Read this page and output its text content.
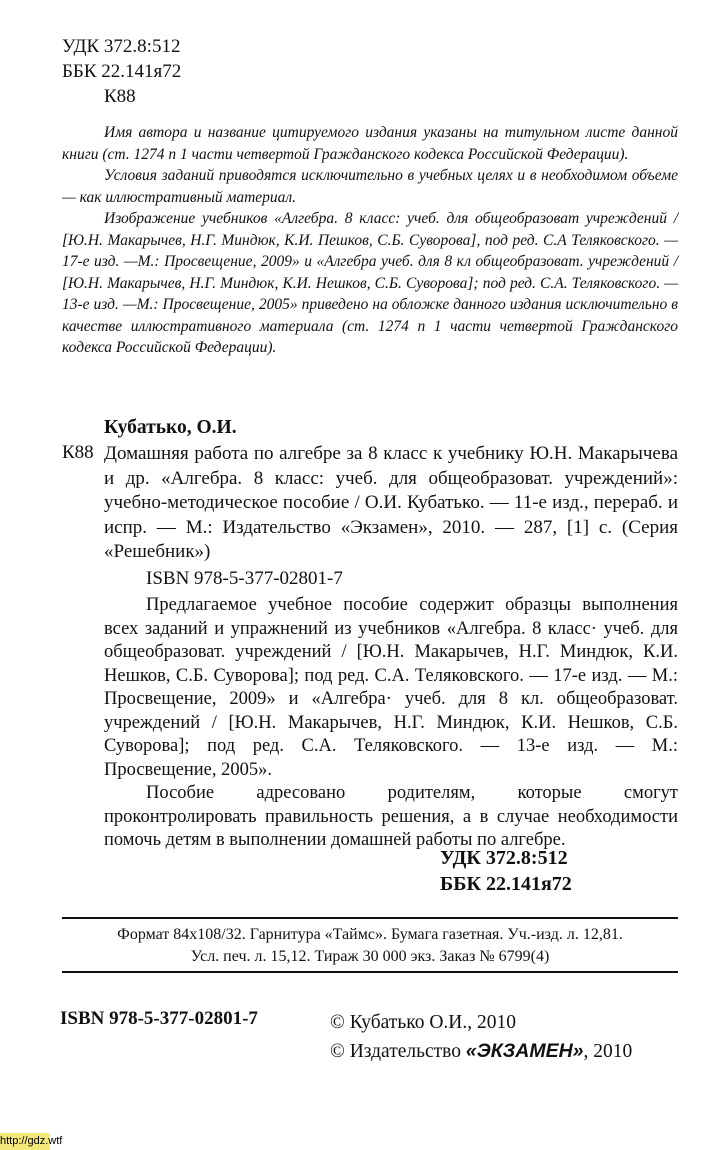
УДК 372.8:512
ББК 22.141я72
К88

Имя автора и название цитируемого издания указаны на титульном листе данной книги (ст. 1274 п 1 части четвертой Гражданского кодекса Российской Федерации).

Условия заданий приводятся исключительно в учебных целях и в необходимом объеме — как иллюстративный материал.

Изображение учебников «Алгебра. 8 класс: учеб. для общеобразоват учреждений / [Ю.Н. Макарычев, Н.Г. Миндюк, К.И. Пешков, С.Б. Суворова], под ред. С.А Теляковского. — 17-е изд. —М.: Просвещение, 2009» и «Алгебра учеб. для 8 кл общеобразоват. учреждений / [Ю.Н. Макарычев, Н.Г. Миндюк, К.И. Нешков, С.Б. Суворова]; под ред. С.А. Теляковского. — 13-е изд. —М.: Просвещение, 2005» приведено на обложке данного издания исключительно в качестве иллюстративного материала (ст. 1274 п 1 части четвертой Гражданского кодекса Российской Федерации).

Кубатько, О.И.
К88 Домашняя работа по алгебре за 8 класс к учебнику Ю.Н. Макарычева и др. «Алгебра. 8 класс: учеб. для общеобразоват. учреждений»: учебно-методическое пособие / О.И. Кубатько. — 11-е изд., перераб. и испр. — М.: Издательство «Экзамен», 2010. — 287, [1] с. (Серия «Решебник»)
ISBN 978-5-377-02801-7

Предлагаемое учебное пособие содержит образцы выполнения всех заданий и упражнений из учебников «Алгебра. 8 класс· учеб. для общеобразоват. учреждений / [Ю.Н. Макарычев, Н.Г. Миндюк, К.И. Нешков, С.Б. Суворова]; под ред. С.А. Теляковского. — 17-е изд. — М.: Просвещение, 2009» и «Алгебра· учеб. для 8 кл. общеобразоват. учреждений / [Ю.Н. Макарычев, Н.Г. Миндюк, К.И. Нешков, С.Б. Суворова]; под ред. С.А. Теляковского. — 13-е изд. — М.: Просвещение, 2005».

Пособие адресовано родителям, которые смогут проконтролировать правильность решения, а в случае необходимости помочь детям в выполнении домашней работы по алгебре.

УДК 372.8:512
ББК 22.141я72
Формат 84x108/32. Гарнитура «Таймс». Бумага газетная. Уч.-изд. л. 12,81.
Усл. печ. л. 15,12. Тираж 30 000 экз. Заказ № 6799(4)
ISBN 978-5-377-02801-7	© Кубатько О.И., 2010
© Издательство «ЭКЗАМЕН», 2010
http://gdz.wtf
